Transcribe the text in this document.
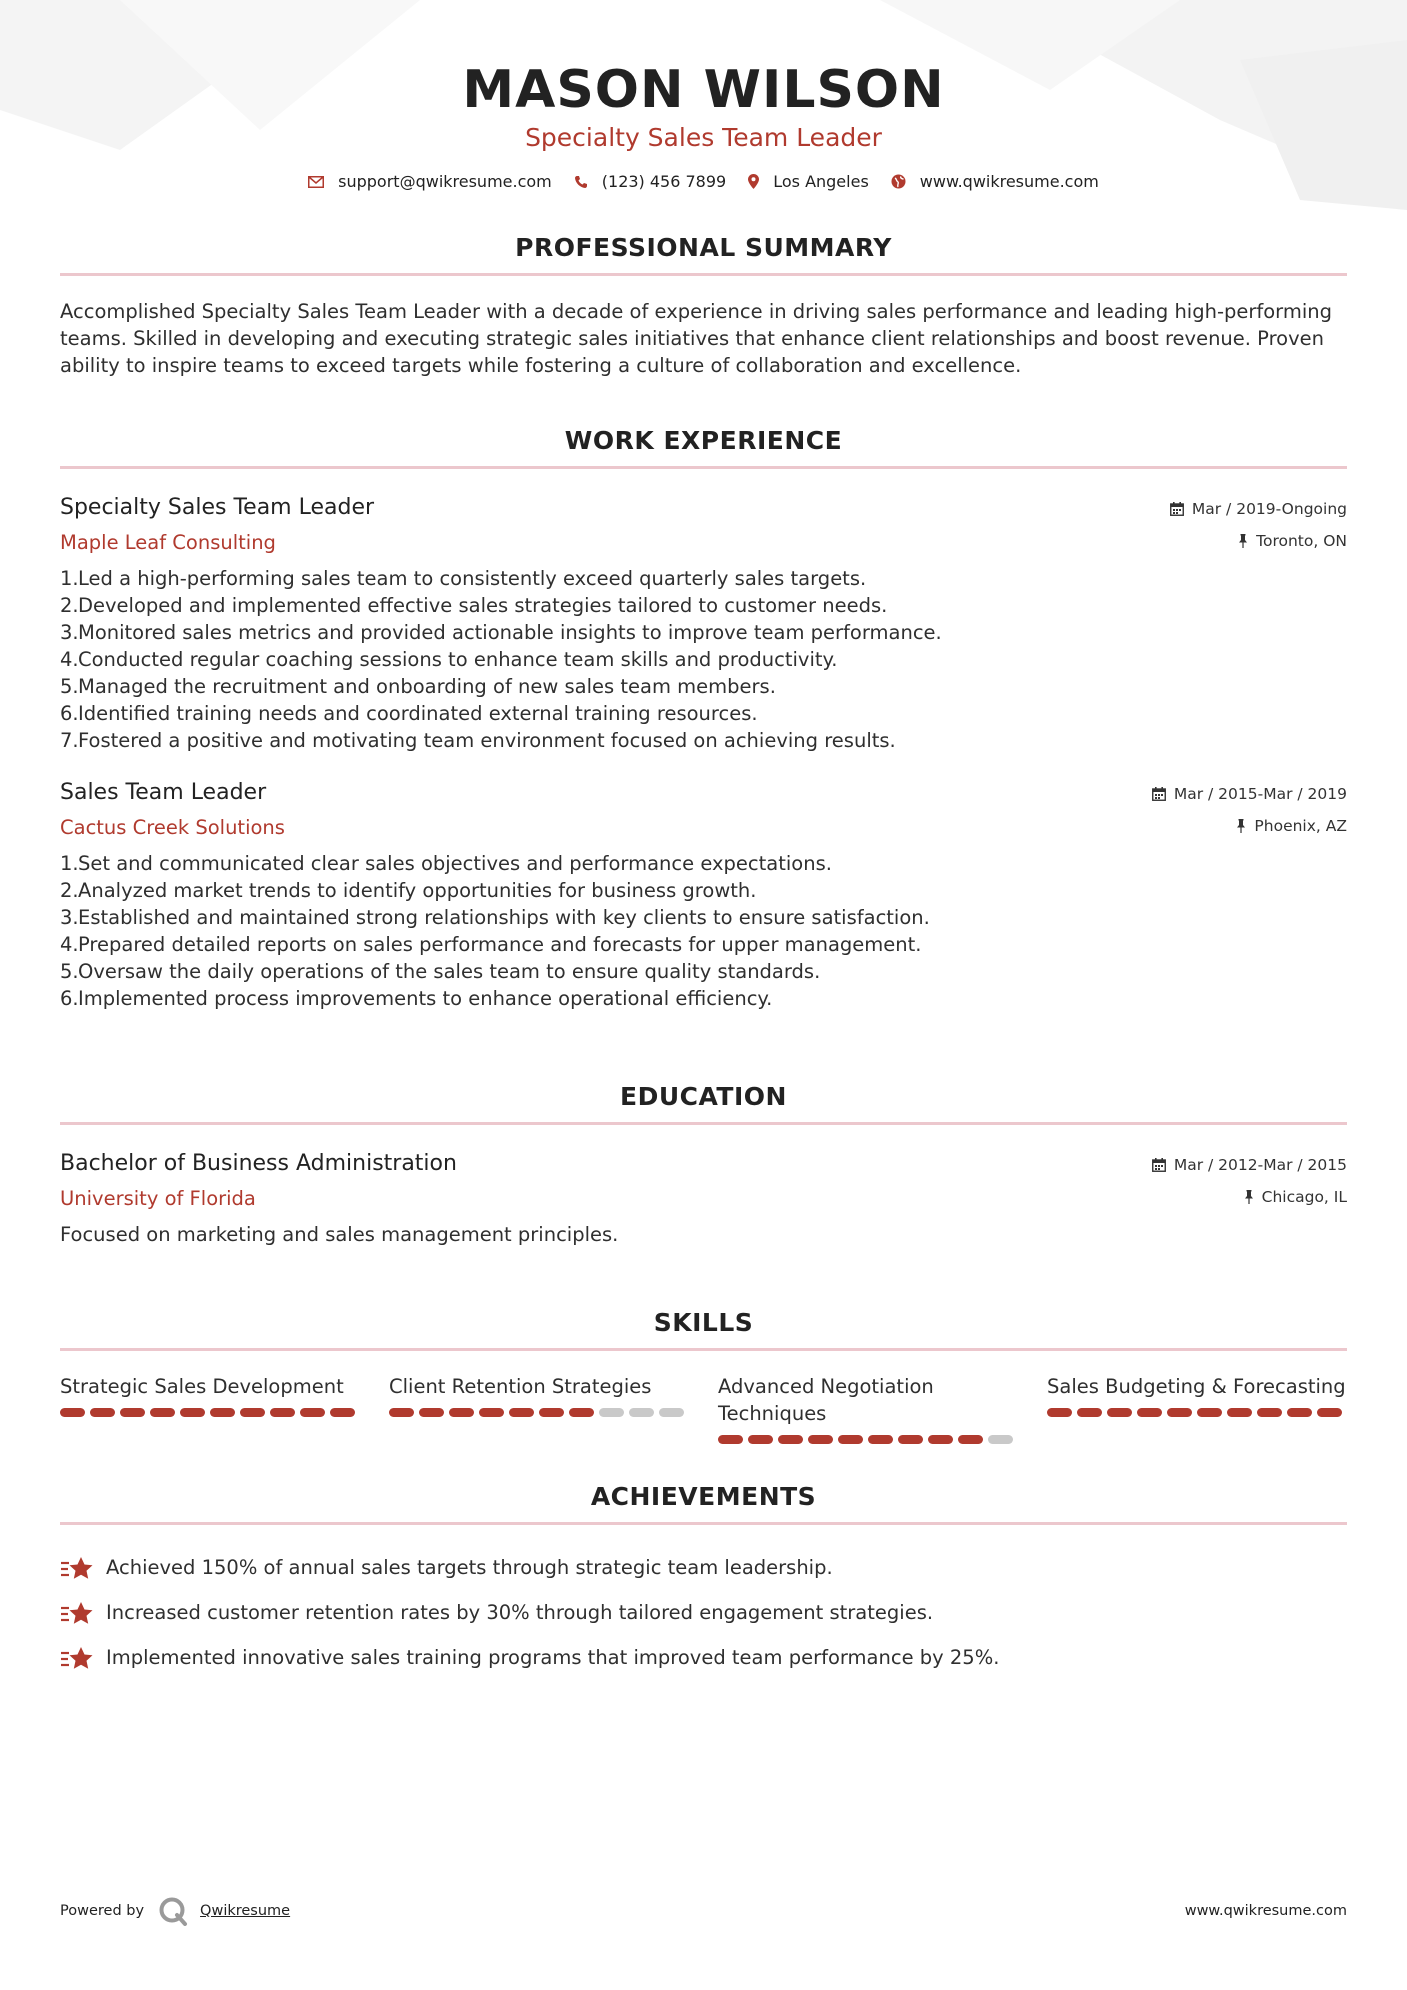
MASON WILSON
Specialty Sales Team Leader
support@qwikresume.com	(123) 456 7899	Los Angeles	www.qwikresume.com
PROFESSIONAL SUMMARY
Accomplished Specialty Sales Team Leader with a decade of experience in driving sales performance and leading high-performing teams. Skilled in developing and executing strategic sales initiatives that enhance client relationships and boost revenue. Proven ability to inspire teams to exceed targets while fostering a culture of collaboration and excellence.
WORK EXPERIENCE
Specialty Sales Team Leader
Maple Leaf Consulting
Mar / 2019-Ongoing
Toronto, ON
1. Led a high-performing sales team to consistently exceed quarterly sales targets.
2. Developed and implemented effective sales strategies tailored to customer needs.
3. Monitored sales metrics and provided actionable insights to improve team performance.
4. Conducted regular coaching sessions to enhance team skills and productivity.
5. Managed the recruitment and onboarding of new sales team members.
6. Identified training needs and coordinated external training resources.
7. Fostered a positive and motivating team environment focused on achieving results.
Sales Team Leader
Cactus Creek Solutions
Mar / 2015-Mar / 2019
Phoenix, AZ
1. Set and communicated clear sales objectives and performance expectations.
2. Analyzed market trends to identify opportunities for business growth.
3. Established and maintained strong relationships with key clients to ensure satisfaction.
4. Prepared detailed reports on sales performance and forecasts for upper management.
5. Oversaw the daily operations of the sales team to ensure quality standards.
6. Implemented process improvements to enhance operational efficiency.
EDUCATION
Bachelor of Business Administration
University of Florida
Mar / 2012-Mar / 2015
Chicago, IL
Focused on marketing and sales management principles.
SKILLS
Strategic Sales Development	Client Retention Strategies	Advanced Negotiation Techniques
Sales Budgeting & Forecasting
ACHIEVEMENTS
Achieved 150% of annual sales targets through strategic team leadership.
Increased customer retention rates by 30% through tailored engagement strategies.
Implemented innovative sales training programs that improved team performance by 25%.
Powered by	Qwikresume	www.qwikresume.com
